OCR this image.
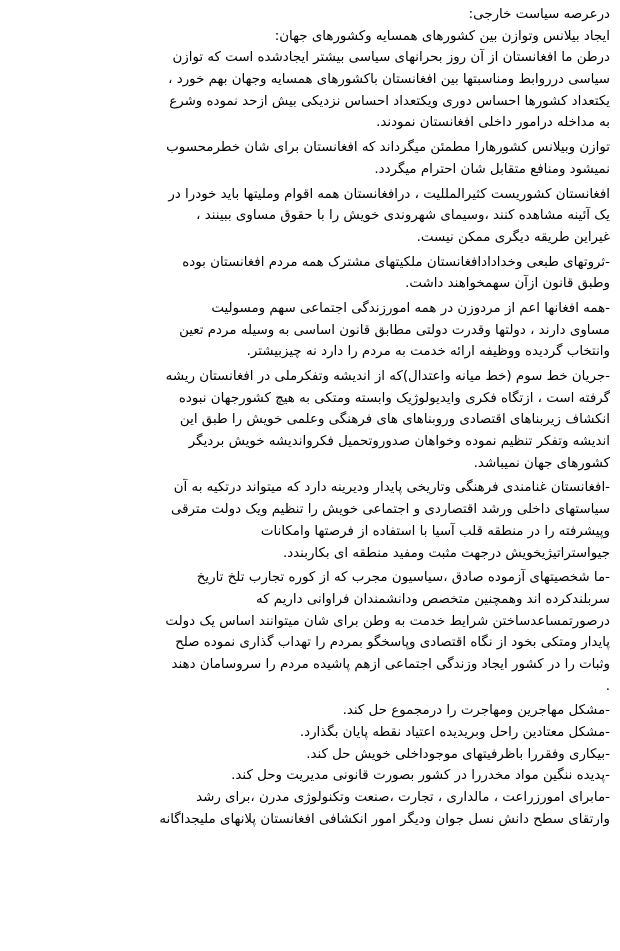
درعرصه سیاست خارجی:
ایجاد بیلانس وتوازن بین کشورهای همسایه وکشورهای جهان:
درطن ما افغانستان از آن روز بحرانهای سیاسی بیشتر ایجادشده است که توازن
سیاسی درروابط ومناسبتها بین افغانستان باکشورهای همسایه وجهان بهم خورد ،
یکتعداد کشورها احساس دوری ویکتعداد احساس نزدیکی بیش ازحد نموده وشرع
به مداخله درامور داخلی افغانستان نمودند.
توازن وبیلانس کشورهارا مطمئن میگرداند که افغانستان برای شان خطرمحسوب
نمیشود ومنافع متقابل شان احترام میگردد.
افغانستان کشوریست کثیرالمللیت ، درافغانستان همه اقوام وملیتها باید خودرا در
یک آئینه مشاهده کنند ،وسیمای شهروندی خویش را با حقوق مساوی ببینند ،
غیراین طریقه دیگری ممکن نیست.
-ثروتهای طبعی وخدادادافغانستان ملکیتهای مشترک همه مردم افغانستان بوده
وطبق قانون ازآن سهمخواهند داشت.
-همه افغانها اعم از مردوزن در همه امورزندگی اجتماعی سهم ومسولیت
مساوی دارند ، دولتها وقدرت دولتی مطابق قانون اساسی به وسیله مردم تعین
وانتخاب گردیده ووظیفه ارائه خدمت به مردم را دارد نه چیزبیشتر.
-جریان خط سوم (خط میانه واعتدال)که از اندیشه وتفکرملی در افغانستان ریشه
گرفته است ، ازتگاه فکری وایدیولوژیک وابسته ومتکی به هیچ کشورجهان نبوده
انکشاف زیربناهای اقتصادی وروبناهای هاى فرهنگی وعلمی خویش را طبق این
اندیشه وتفکر تنظیم نموده وخواهان صدوروتحمیل فکرواندیشه خویش بردیگر
کشورهای جهان نمیباشد.
-افغانستان غنامندی فرهنگی وتاریخی پایدار ودیرینه دارد که میتواند درتکیه به آن
سیاستهای داخلی ورشد اقتصاردی و اجتماعی خویش را تنظیم ویک دولت مترقی
وپیشرفته را در منطقه قلب آسیا با استفاده از فرصتها وامکانات
جیواستراتیژیخویش درجهت مثبت ومفید منطقه ای بکاربندد.
-ما شخصیتهای آزموده صادق ،سیاسیون مجرب که از کوره تجارب تلخ تاریخ
سربلندکرده اند وهمچنین متخصص ودانشمندان فراوانی داریم که
درصورتمساعدساختن شرایط خدمت به وطن برای شان میتوانند اساس یک دولت
پایدار ومتکی بخود از نگاه اقتصادی وپاسخگو بمردم را تهداب گذاری نموده صلح
وثبات را در کشور ایجاد وزندگی اجتماعی ازهم پاشیده مردم را سروسامان دهند
.
-مشکل مهاجرین ومهاجرت را درمجموع حل کند.
-مشکل معتادین راحل وبریدیده اعتیاد نقطه پایان بگذارد.
-بیکاری وفقررا باظرفیتهای موجوداخلی خویش حل کند.
-پدیده ننگین مواد مخدررا در کشور بصورت قانونی مدیریت وحل کند.
-مابرای امورزراعت ، مالداری ، تجارت ،صنعت وتکنولوژی مدرن ،برای رشد
وارتقای سطح دانش نسل جوان ودیگر امور انکشافی افغانستان پلانهای ملیجداگانه
